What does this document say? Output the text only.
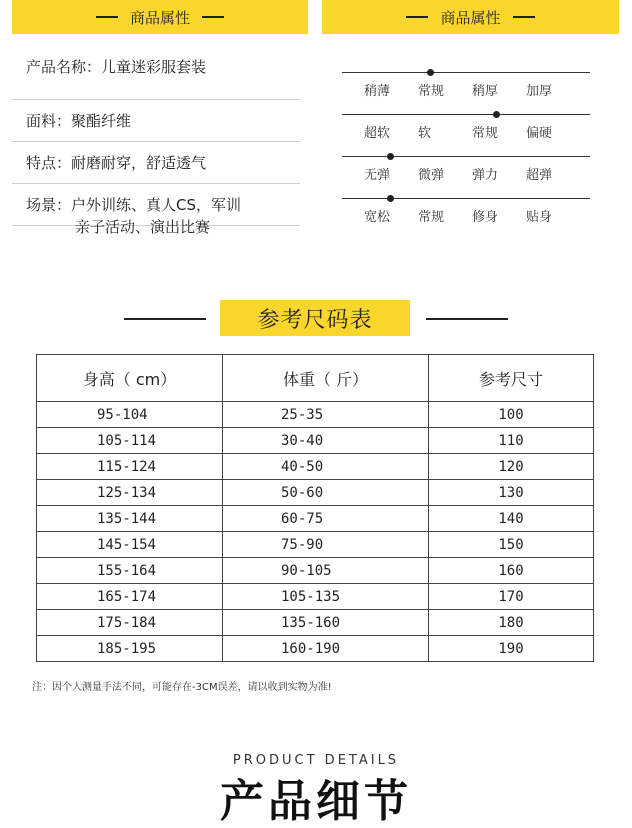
商品属性	商品属性
产品名称：儿童迷彩服套装
面料：聚酯纤维
特点：耐磨耐穿，舒适透气
场景：户外训练、真人CS，军训
亲子活动、演出比赛
稍薄	常规	稍厚	加厚
超软	软	常规	偏硬
无弹	微弹	弹力	超弹
宽松	常规	修身	贴身
参考尺码表
身高（ cm）	体重（ 斤）	参考尺寸
95-104	25-35	100
105-114	30-40	110
115-124	40-50	120
125-134	50-60	130
135-144	60-75	140
145-154	75-90	150
155-164	90-105	160
165-174	105-135	170
175-184	135-160	180
185-195	160-190	190
注：因个人测量手法不同，可能存在-3CM误差，请以收到实物为准!
PRODUCT DETAILS
产品细节
